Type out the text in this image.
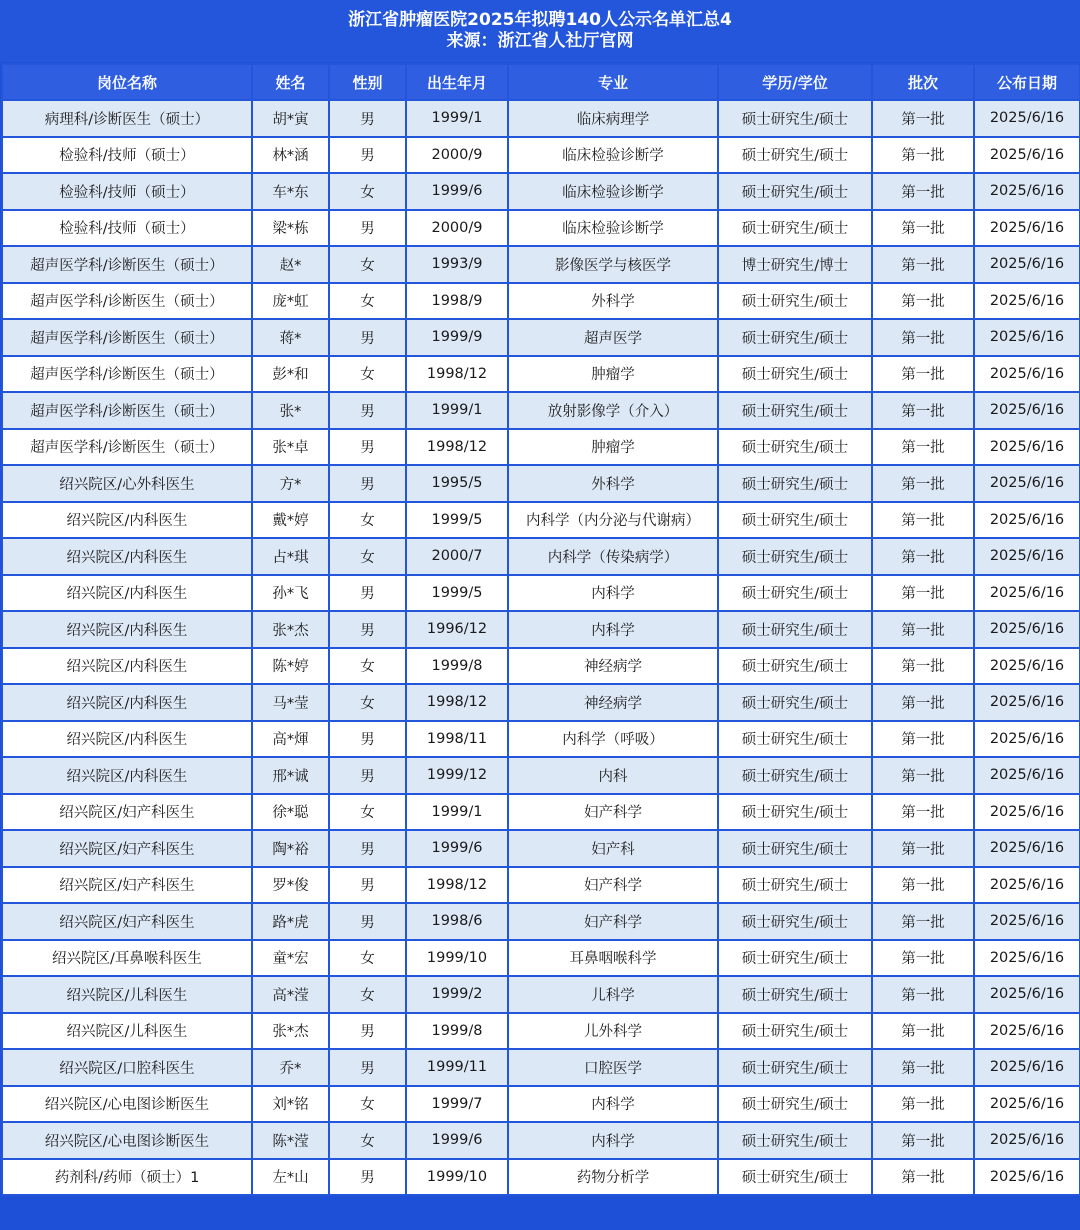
浙江省肿瘤医院2025年拟聘140人公示名单汇总4
来源：浙江省人社厅官网
岗位名称	姓名	性别	出生年月	专业	学历/学位	批次	公布日期
病理科/诊断医生（硕士）	胡*寅	男	1999/1	临床病理学	硕士研究生/硕士	第一批	2025/6/16
检验科/技师（硕士）	林*涵	男	2000/9	临床检验诊断学	硕士研究生/硕士	第一批	2025/6/16
检验科/技师（硕士）	车*东	女	1999/6	临床检验诊断学	硕士研究生/硕士	第一批	2025/6/16
检验科/技师（硕士）	梁*栋	男	2000/9	临床检验诊断学	硕士研究生/硕士	第一批	2025/6/16
超声医学科/诊断医生（硕士）	赵*	女	1993/9	影像医学与核医学	博士研究生/博士	第一批	2025/6/16
超声医学科/诊断医生（硕士）	庞*虹	女	1998/9	外科学	硕士研究生/硕士	第一批	2025/6/16
超声医学科/诊断医生（硕士）	蒋*	男	1999/9	超声医学	硕士研究生/硕士	第一批	2025/6/16
超声医学科/诊断医生（硕士）	彭*和	女	1998/12	肿瘤学	硕士研究生/硕士	第一批	2025/6/16
超声医学科/诊断医生（硕士）	张*	男	1999/1	放射影像学（介入）	硕士研究生/硕士	第一批	2025/6/16
超声医学科/诊断医生（硕士）	张*卓	男	1998/12	肿瘤学	硕士研究生/硕士	第一批	2025/6/16
绍兴院区/心外科医生	方*	男	1995/5	外科学	硕士研究生/硕士	第一批	2025/6/16
绍兴院区/内科医生	戴*婷	女	1999/5	内科学（内分泌与代谢病）	硕士研究生/硕士	第一批	2025/6/16
绍兴院区/内科医生	占*琪	女	2000/7	内科学（传染病学）	硕士研究生/硕士	第一批	2025/6/16
绍兴院区/内科医生	孙*飞	男	1999/5	内科学	硕士研究生/硕士	第一批	2025/6/16
绍兴院区/内科医生	张*杰	男	1996/12	内科学	硕士研究生/硕士	第一批	2025/6/16
绍兴院区/内科医生	陈*婷	女	1999/8	神经病学	硕士研究生/硕士	第一批	2025/6/16
绍兴院区/内科医生	马*莹	女	1998/12	神经病学	硕士研究生/硕士	第一批	2025/6/16
绍兴院区/内科医生	高*煇	男	1998/11	内科学（呼吸）	硕士研究生/硕士	第一批	2025/6/16
绍兴院区/内科医生	邢*诚	男	1999/12	内科	硕士研究生/硕士	第一批	2025/6/16
绍兴院区/妇产科医生	徐*聪	女	1999/1	妇产科学	硕士研究生/硕士	第一批	2025/6/16
绍兴院区/妇产科医生	陶*裕	男	1999/6	妇产科	硕士研究生/硕士	第一批	2025/6/16
绍兴院区/妇产科医生	罗*俊	男	1998/12	妇产科学	硕士研究生/硕士	第一批	2025/6/16
绍兴院区/妇产科医生	路*虎	男	1998/6	妇产科学	硕士研究生/硕士	第一批	2025/6/16
绍兴院区/耳鼻喉科医生	童*宏	女	1999/10	耳鼻咽喉科学	硕士研究生/硕士	第一批	2025/6/16
绍兴院区/儿科医生	高*滢	女	1999/2	儿科学	硕士研究生/硕士	第一批	2025/6/16
绍兴院区/儿科医生	张*杰	男	1999/8	儿外科学	硕士研究生/硕士	第一批	2025/6/16
绍兴院区/口腔科医生	乔*	男	1999/11	口腔医学	硕士研究生/硕士	第一批	2025/6/16
绍兴院区/心电图诊断医生	刘*铭	女	1999/7	内科学	硕士研究生/硕士	第一批	2025/6/16
绍兴院区/心电图诊断医生	陈*滢	女	1999/6	内科学	硕士研究生/硕士	第一批	2025/6/16
药剂科/药师（硕士）1	左*山	男	1999/10	药物分析学	硕士研究生/硕士	第一批	2025/6/16
